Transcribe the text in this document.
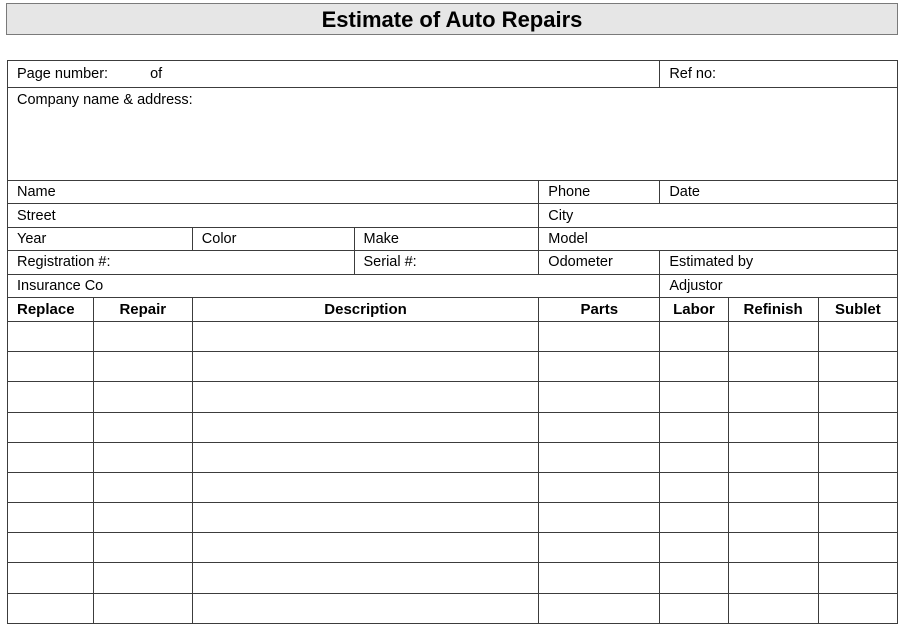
Estimate of Auto Repairs
Page number: of					Ref no:		
Company name & address:							
Name				Phone	Date		
Street				City			
Year		Color	Make	Model			
Registration #:			Serial #:	Odometer	Estimated by		
Insurance Co					Adjustor		
Replace	Repair	Description		Parts	Labor	Refinish	Sublet
